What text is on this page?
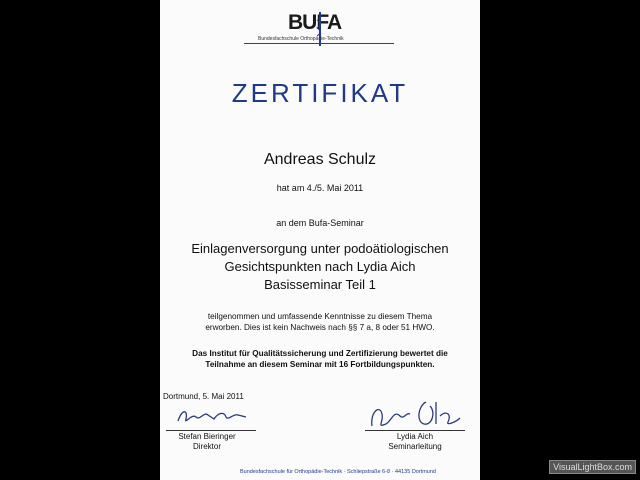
BUFA
Bundesfachschule Orthopädie-Technik
ZERTIFIKAT
Andreas Schulz
hat am 4./5. Mai 2011
an dem Bufa-Seminar
Einlagenversorgung unter podoätiologischen
Gesichtspunkten nach Lydia Aich
Basisseminar Teil 1
teilgenommen und umfassende Kenntnisse zu diesem Thema
erworben. Dies ist kein Nachweis nach §§ 7 a, 8 oder 51 HWO.
Das Institut für Qualitätssicherung und Zertifizierung bewertet die
Teilnahme an diesem Seminar mit 16 Fortbildungspunkten.
Dortmund, 5. Mai 2011
Stefan Bieringer
Direktor
Lydia Aich
Seminarleitung
Bundesfachschule für Orthopädie-Technik · Schliepstraße 6-8 · 44135 Dortmund	VisualLightBox.com
